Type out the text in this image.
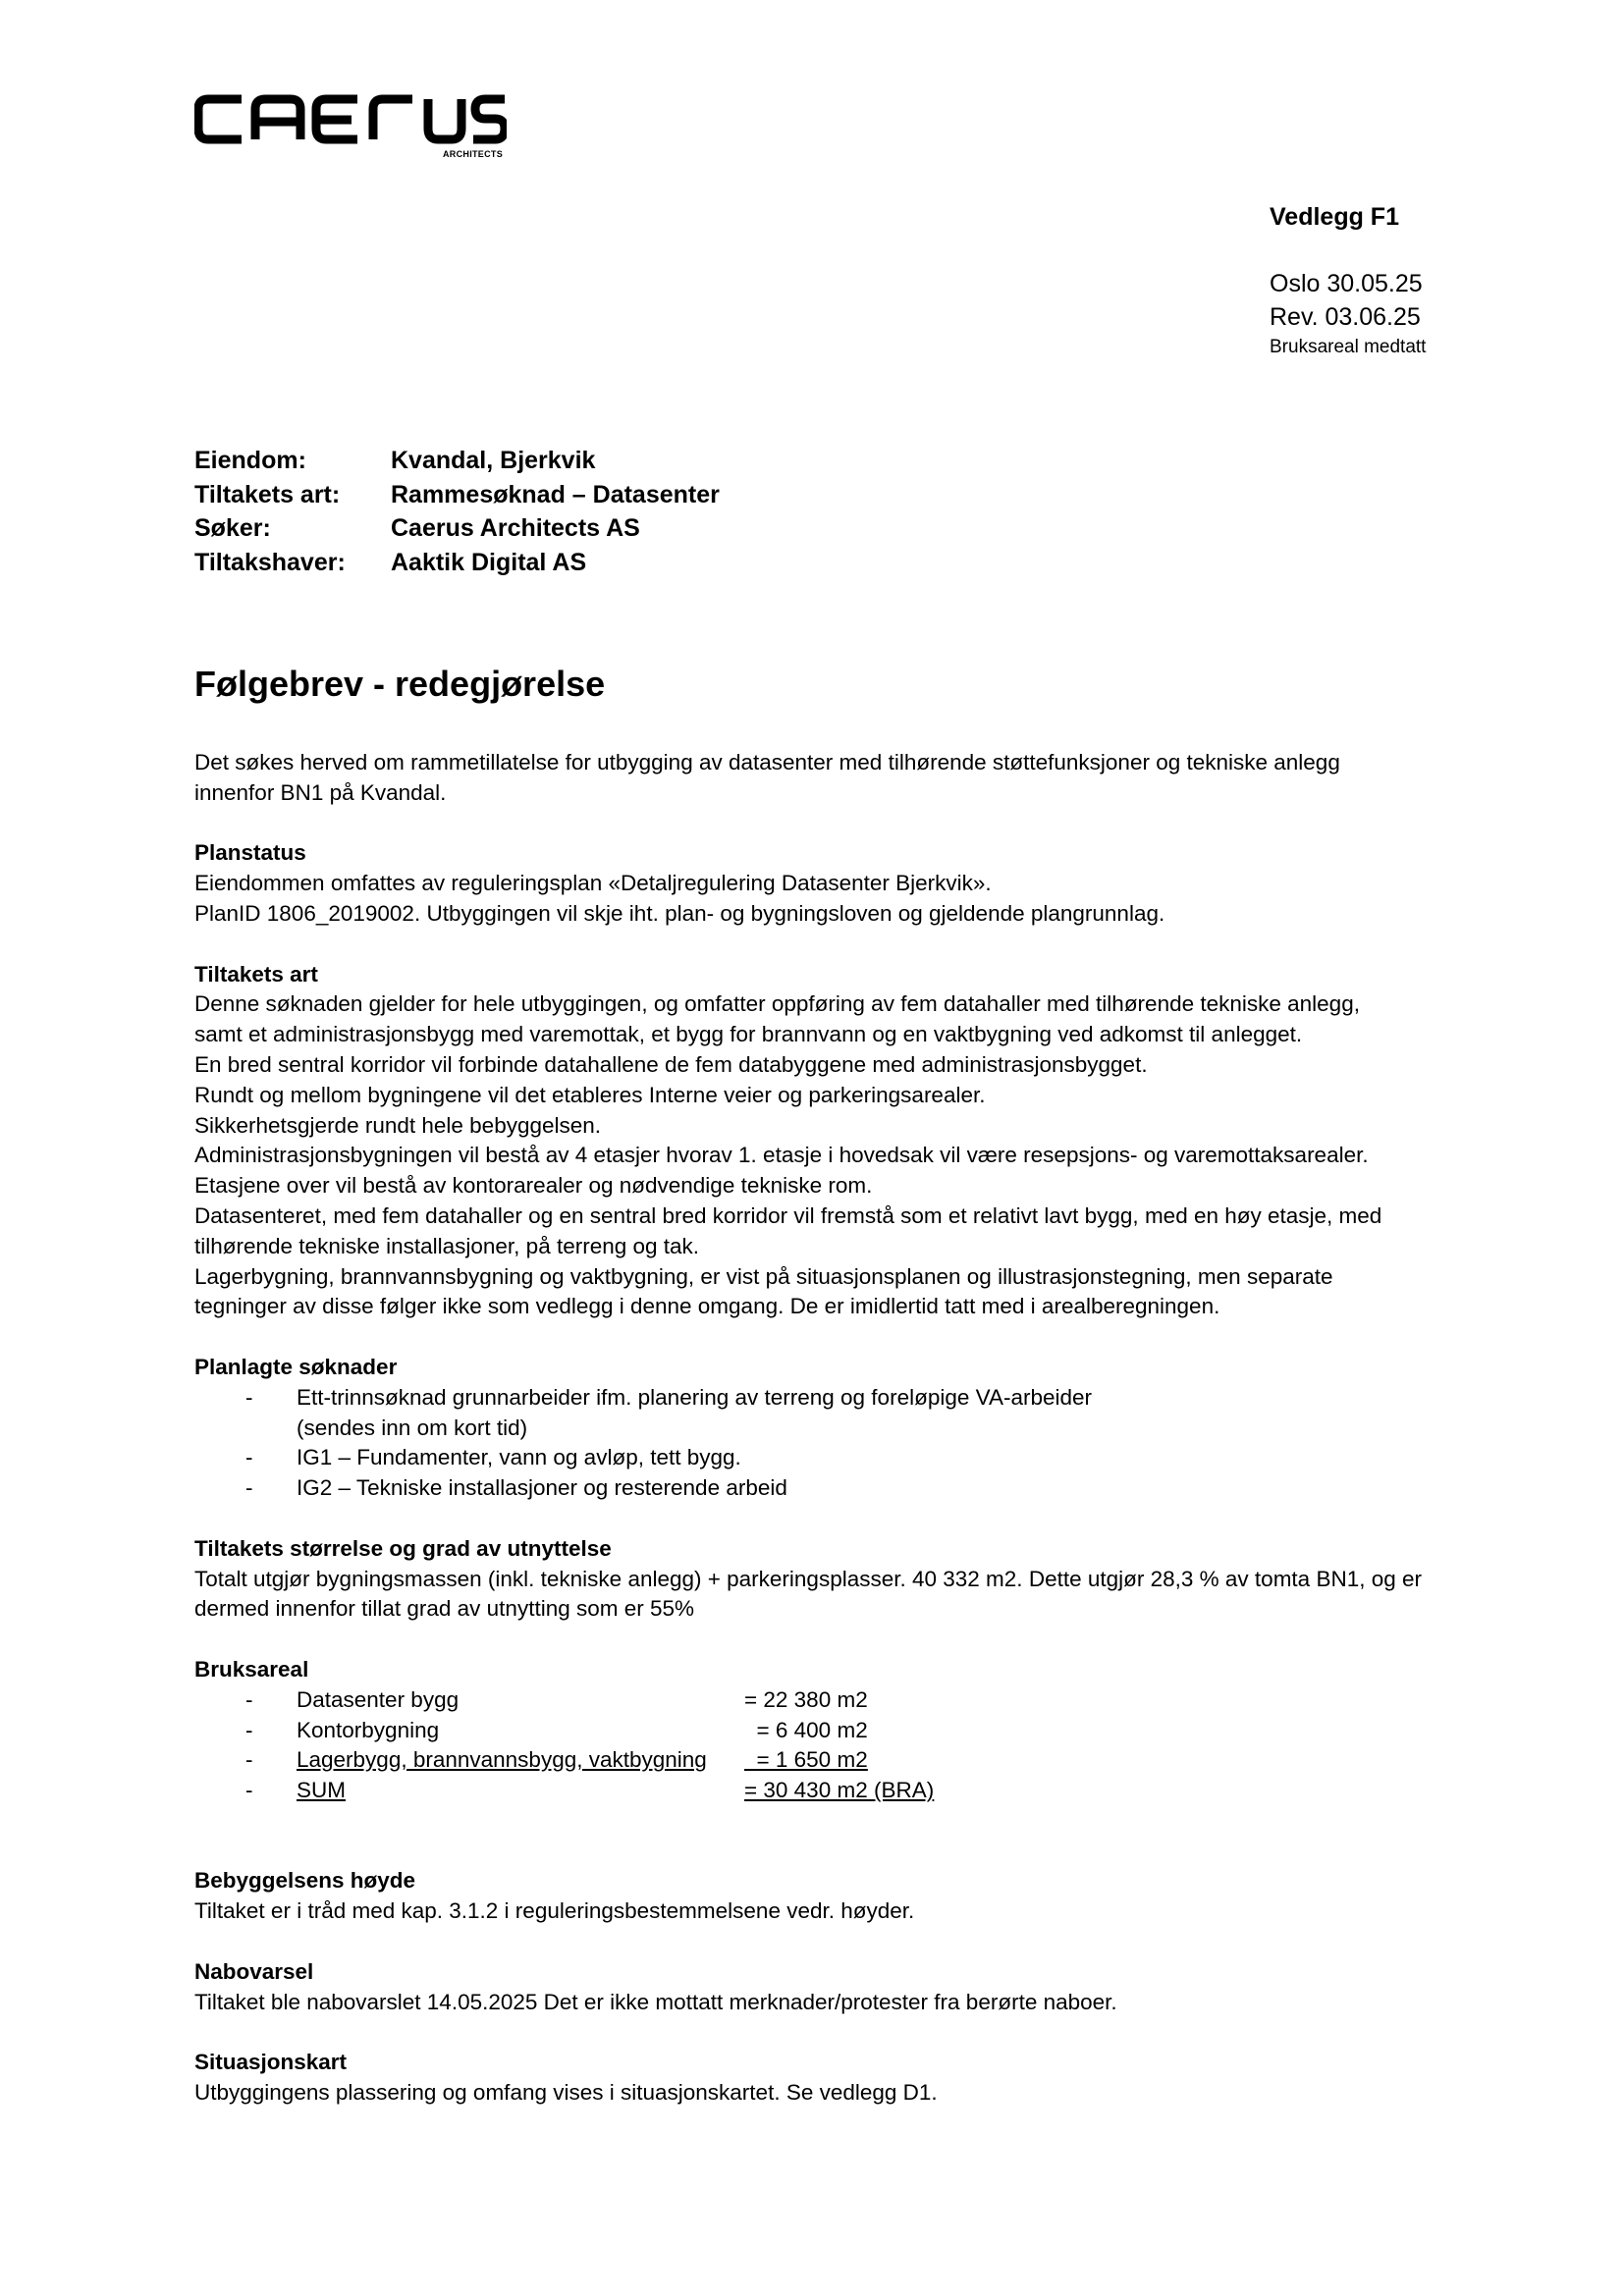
ARCHITECTS
Vedlegg F1
Oslo 30.05.25
Rev. 03.06.25
Bruksareal medtatt
Eiendom:	Kvandal, Bjerkvik
Tiltakets art:	Rammesøknad – Datasenter
Søker:	Caerus Architects AS
Tiltakshaver:	Aaktik Digital AS
Følgebrev - redegjørelse

Det søkes herved om rammetillatelse for utbygging av datasenter med tilhørende støttefunksjoner og tekniske anlegg

innenfor BN1 på Kvandal.

Planstatus

Eiendommen omfattes av reguleringsplan «Detaljregulering Datasenter Bjerkvik».

PlanID 1806_2019002. Utbyggingen vil skje iht. plan- og bygningsloven og gjeldende plangrunnlag.

Tiltakets art

Denne søknaden gjelder for hele utbyggingen, og omfatter oppføring av fem datahaller med tilhørende tekniske anlegg,

samt et administrasjonsbygg med varemottak, et bygg for brannvann og en vaktbygning ved adkomst til anlegget.

En bred sentral korridor vil forbinde datahallene de fem databyggene med administrasjonsbygget.

Rundt og mellom bygningene vil det etableres Interne veier og parkeringsarealer.

Sikkerhetsgjerde rundt hele bebyggelsen.

Administrasjonsbygningen vil bestå av 4 etasjer hvorav 1. etasje i hovedsak vil være resepsjons- og varemottaksarealer.

Etasjene over vil bestå av kontorarealer og nødvendige tekniske rom.

Datasenteret, med fem datahaller og en sentral bred korridor vil fremstå som et relativt lavt bygg, med en høy etasje, med

tilhørende tekniske installasjoner, på terreng og tak.

Lagerbygning, brannvannsbygning og vaktbygning, er vist på situasjonsplanen og illustrasjonstegning, men separate

tegninger av disse følger ikke som vedlegg i denne omgang. De er imidlertid tatt med i arealberegningen.

Planlagte søknader

-	Ett-trinnsøknad grunnarbeider ifm. planering av terreng og foreløpige VA-arbeider
(sendes inn om kort tid)
-	IG1 – Fundamenter, vann og avløp, tett bygg.
-	IG2 – Tekniske installasjoner og resterende arbeid

Tiltakets størrelse og grad av utnyttelse

Totalt utgjør bygningsmassen (inkl. tekniske anlegg) + parkeringsplasser. 40 332 m2. Dette utgjør 28,3 % av tomta BN1, og er

dermed innenfor tillat grad av utnytting som er 55%

Bruksareal

-	Datasenter bygg	= 22 380 m2
-	Kontorbygning	= 6 400 m2
-	Lagerbygg, brannvannsbygg, vaktbygning  = 1 650 m2
-	SUM	= 30 430 m2 (BRA)

Bebyggelsens høyde

Tiltaket er i tråd med kap. 3.1.2 i reguleringsbestemmelsene vedr. høyder.

Nabovarsel

Tiltaket ble nabovarslet 14.05.2025 Det er ikke mottatt merknader/protester fra berørte naboer.

Situasjonskart

Utbyggingens plassering og omfang vises i situasjonskartet. Se vedlegg D1.
